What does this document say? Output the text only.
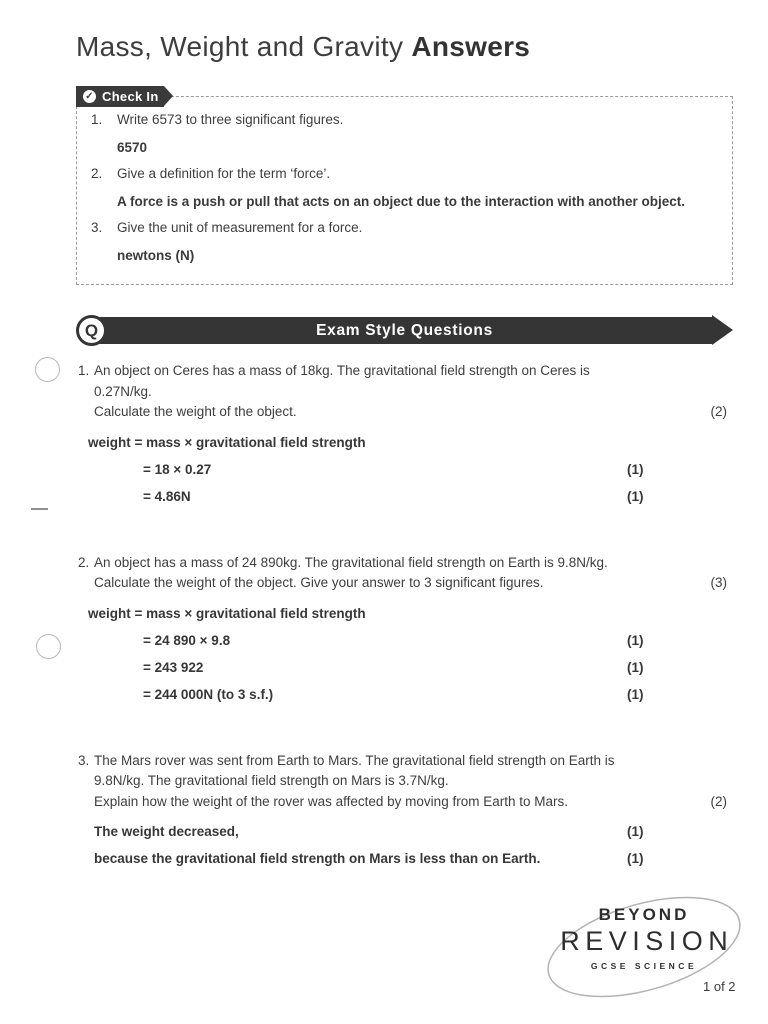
Mass, Weight and Gravity Answers
✓ Check In
1.	Write 6573 to three significant figures.
6570
2.	Give a definition for the term ‘force’.
A force is a push or pull that acts on an object due to the interaction with another object.
3.	Give the unit of measurement for a force.
newtons (N)
Q	Exam Style Questions
1. An object on Ceres has a mass of 18kg. The gravitational field strength on Ceres is
0.27N/kg.
Calculate the weight of the object.	(2)
weight = mass × gravitational field strength
= 18 × 0.27	(1)
= 4.86N	(1)
2. An object has a mass of 24 890kg. The gravitational field strength on Earth is 9.8N/kg.
Calculate the weight of the object. Give your answer to 3 significant figures.	(3)
weight = mass × gravitational field strength
= 24 890 × 9.8	(1)
= 243 922	(1)
= 244 000N (to 3 s.f.)	(1)
3. The Mars rover was sent from Earth to Mars. The gravitational field strength on Earth is
9.8N/kg. The gravitational field strength on Mars is 3.7N/kg.
Explain how the weight of the rover was affected by moving from Earth to Mars.	(2)
The weight decreased,	(1)
because the gravitational field strength on Mars is less than on Earth.	(1)
BEYOND
REVISION
GCSE SCIENCE
1 of 2
